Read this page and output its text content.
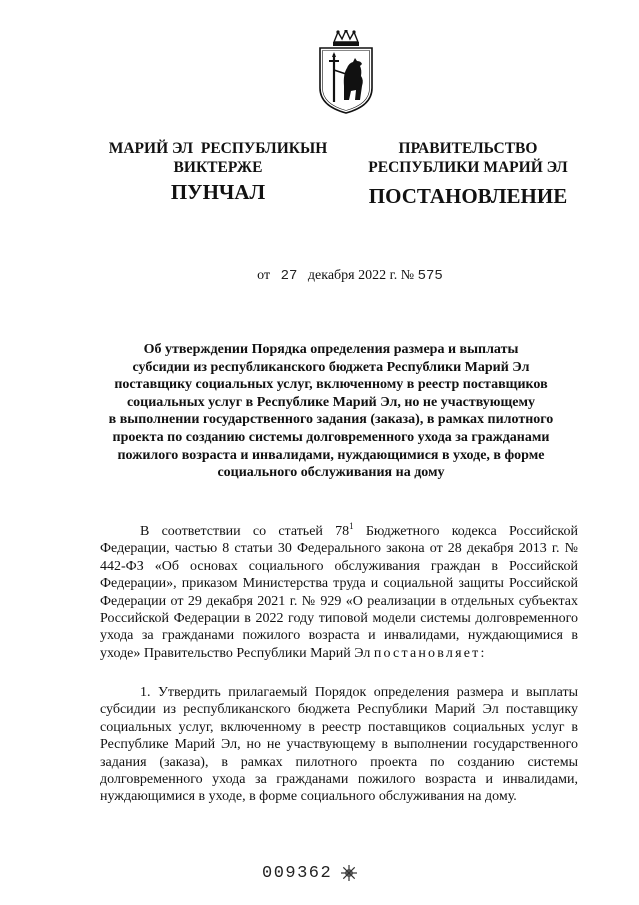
МАРИЙ ЭЛ  РЕСПУБЛИКЫН
ВИКТЕРЖЕ
ПУНЧАЛ
ПРАВИТЕЛЬСТВО
РЕСПУБЛИКИ МАРИЙ ЭЛ
ПОСТАНОВЛЕНИЕ
от 27 декабря 2022 г. № 575
Об утверждении Порядка определения размера и выплаты
субсидии из республиканского бюджета Республики Марий Эл
поставщику социальных услуг, включенному в реестр поставщиков
социальных услуг в Республике Марий Эл, но не участвующему
в выполнении государственного задания (заказа), в рамках пилотного
проекта по созданию системы долговременного ухода за гражданами
пожилого возраста и инвалидами, нуждающимися в уходе, в форме
социального обслуживания на дому

В соответствии со статьей $78^1$ Бюджетного кодекса Российской Федерации, частью 8 статьи 30 Федерального закона от 28 декабря 2013 г. № 442-ФЗ «Об основах социального обслуживания граждан в Российской Федерации», приказом Министерства труда и социальной защиты Российской Федерации от 29 декабря 2021 г. № 929 «О реализации в отдельных субъектах Российской Федерации в 2022 году типовой модели системы долговременного ухода за гражданами пожилого возраста и инвалидами, нуждающимися в уходе» Правительство Республики Марий Эл постановляет:

1. Утвердить прилагаемый Порядок определения размера и выплаты субсидии из республиканского бюджета Республики Марий Эл поставщику социальных услуг, включенному в реестр поставщиков социальных услуг в Республике Марий Эл, но не участвующему в выполнении государственного задания (заказа), в рамках пилотного проекта по созданию системы долговременного ухода за гражданами пожилого возраста и инвалидами, нуждающимися в уходе, в форме социального обслуживания на дому.

009362
